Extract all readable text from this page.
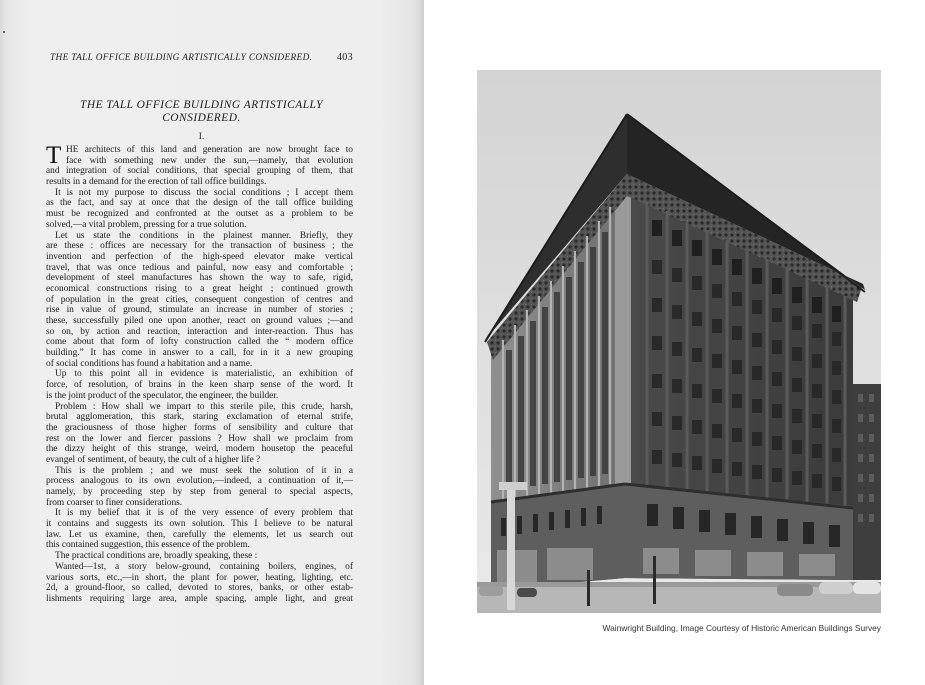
THE TALL OFFICE BUILDING ARTISTICALLY CONSIDERED. 403
THE TALL OFFICE BUILDING ARTISTICALLY
CONSIDERED.
I.
T HE architects of this land and generation are now brought face to
face with something new under the sun,—namely, that evolution
and integration of social conditions, that special grouping of them, that
results in a demand for the erection of tall office buildings.
It is not my purpose to discuss the social conditions ; I accept them
as the fact, and say at once that the design of the tall office building
must be recognized and confronted at the outset as a problem to be
solved,—a vital problem, pressing for a true solution.
Let us state the conditions in the plainest manner. Briefly, they
are these : offices are necessary for the transaction of business ; the
invention and perfection of the high-speed elevator make vertical
travel, that was once tedious and painful, now easy and comfortable ;
development of steel manufactures has shown the way to safe, rigid,
economical constructions rising to a great height ; continued growth
of population in the great cities, consequent congestion of centres and
rise in value of ground, stimulate an increase in number of stories ;
these, successfully piled one upon another, react on ground values ;—and
so on, by action and reaction, interaction and inter-reaction. Thus has
come about that form of lofty construction called the “ modern office
building.” It has come in answer to a call, for in it a new grouping
of social conditions has found a habitation and a name.
Up to this point all in evidence is materialistic, an exhibition of
force, of resolution, of brains in the keen sharp sense of the word. It
is the joint product of the speculator, the engineer, the builder.
Problem : How shall we impart to this sterile pile, this crude, harsh,
brutal agglomeration, this stark, staring exclamation of eternal strife,
the graciousness of those higher forms of sensibility and culture that
rest on the lower and fiercer passions ? How shall we proclaim from
the dizzy height of this strange, weird, modern housetop the peaceful
evangel of sentiment, of beauty, the cult of a higher life ?
This is the problem ; and we must seek the solution of it in a
process analogous to its own evolution,—indeed, a continuation of it,—
namely, by proceeding step by step from general to special aspects,
from coarser to finer considerations.
It is my belief that it is of the very essence of every problem that
it contains and suggests its own solution. This I believe to be natural
law. Let us examine, then, carefully the elements, let us search out
this contained suggestion, this essence of the problem.
The practical conditions are, broadly speaking, these :
Wanted—1st, a story below-ground, containing boilers, engines, of
various sorts, etc.,—in short, the plant for power, heating, lighting, etc.
2d, a ground-floor, so called, devoted to stores, banks, or other estab-
lishments requiring large area, ample spacing, ample light, and great
Wainwright Building, Image Courtesy of Historic American Buildings Survey
